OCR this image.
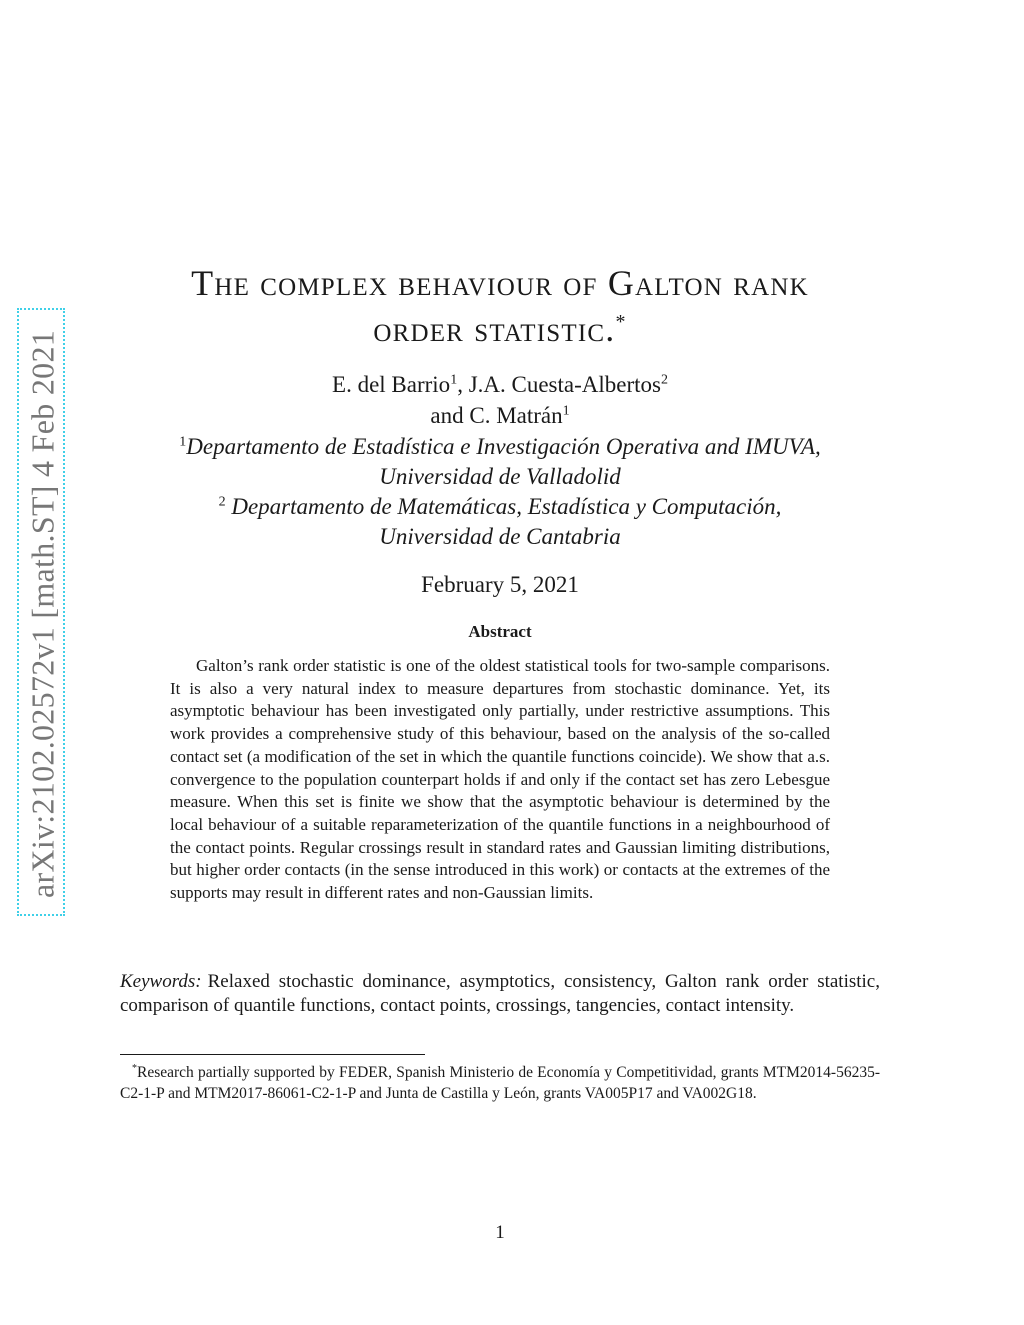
arXiv:2102.02572v1 [math.ST] 4 Feb 2021
The complex behaviour of Galton rank
order statistic.*
E. del Barrio$^1$, J.A. Cuesta-Albertos$^2$
and C. Matrán$^1$
$^1$Departamento de Estadística e Investigación Operativa and IMUVA,
Universidad de Valladolid
$^2$ Departamento de Matemáticas, Estadística y Computación,
Universidad de Cantabria
February 5, 2021
Abstract
Galton’s rank order statistic is one of the oldest statistical tools for two-sample comparisons. It is also a very natural index to measure departures from stochastic dominance. Yet, its asymptotic behaviour has been investigated only partially, under restrictive assumptions. This work provides a comprehensive study of this behaviour, based on the analysis of the so-called contact set (a modification of the set in which the quantile functions coincide). We show that a.s. convergence to the population counterpart holds if and only if the contact set has zero Lebesgue measure. When this set is finite we show that the asymptotic behaviour is determined by the local behaviour of a suitable reparameterization of the quantile functions in a neighbourhood of the contact points. Regular crossings result in standard rates and Gaussian limiting distributions, but higher order contacts (in the sense introduced in this work) or contacts at the extremes of the supports may result in different rates and non-Gaussian limits.
Keywords: Relaxed stochastic dominance, asymptotics, consistency, Galton rank order statistic, comparison of quantile functions, contact points, crossings, tangencies, contact intensity.
*Research partially supported by FEDER, Spanish Ministerio de Economía y Competitividad, grants MTM2014-56235-C2-1-P and MTM2017-86061-C2-1-P and Junta de Castilla y León, grants VA005P17 and VA002G18.
1
